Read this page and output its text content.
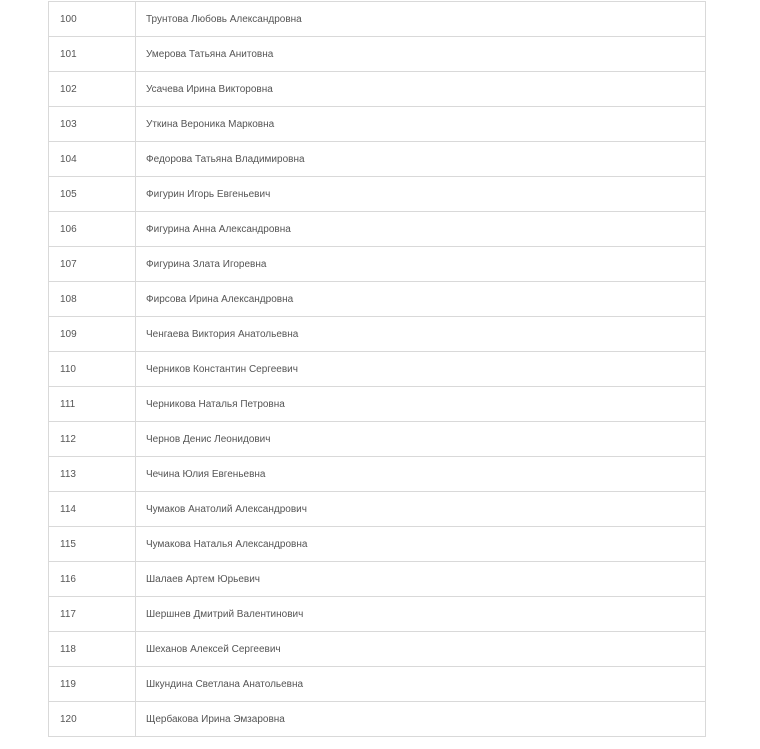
100	Трунтова Любовь Александровна
101	Умерова Татьяна Анитовна
102	Усачева Ирина Викторовна
103	Уткина Вероника Марковна
104	Федорова Татьяна Владимировна
105	Фигурин Игорь Евгеньевич
106	Фигурина Анна Александровна
107	Фигурина Злата Игоревна
108	Фирсова Ирина Александровна
109	Ченгаева Виктория Анатольевна
110	Черников Константин Сергеевич
111	Черникова Наталья Петровна
112	Чернов Денис Леонидович
113	Чечина Юлия Евгеньевна
114	Чумаков Анатолий Александрович
115	Чумакова Наталья Александровна
116	Шалаев Артем Юрьевич
117	Шершнев Дмитрий Валентинович
118	Шеханов Алексей Сергеевич
119	Шкундина Светлана Анатольевна
120	Щербакова Ирина Эмзаровна
